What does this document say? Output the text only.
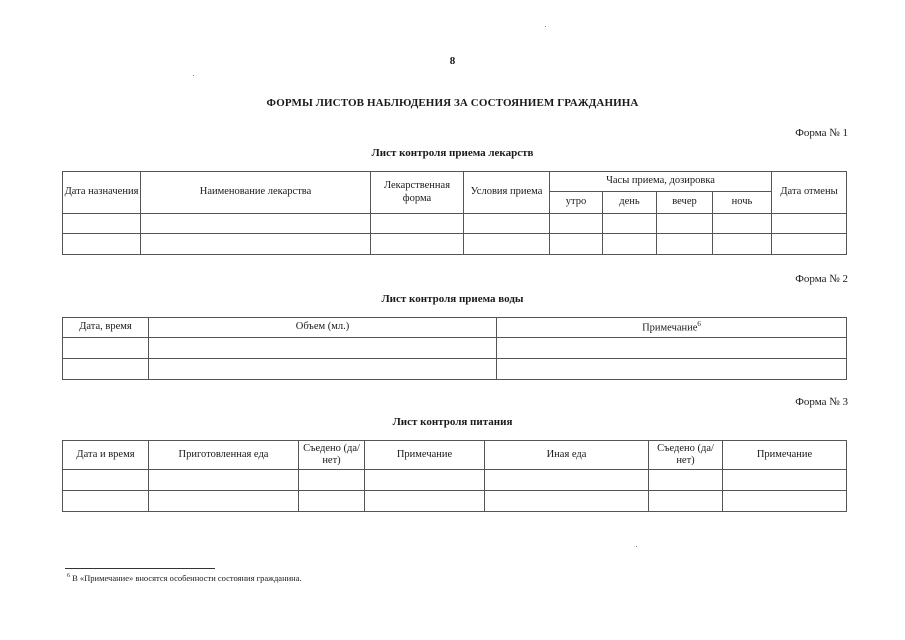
8
ФОРМЫ ЛИСТОВ НАБЛЮДЕНИЯ ЗА СОСТОЯНИЕМ ГРАЖДАНИНА
Форма № 1
Лист контроля приема лекарств
Дата назначения	Наименование лекарства	Лекарственная форма	Условия приема	Часы приема, дозировка				Дата отмены
				утро	день	вечер	ночь	

Форма № 2
Лист контроля приема воды
Дата, время	Объем (мл.)	Примечание$^6$

Форма № 3
Лист контроля питания
Дата и время	Приготовленная еда	Съедено (да/нет)	Примечание	Иная еда	Съедено (да/нет)	Примечание

$^6$ В «Примечание» вносятся особенности состояния гражданина.
